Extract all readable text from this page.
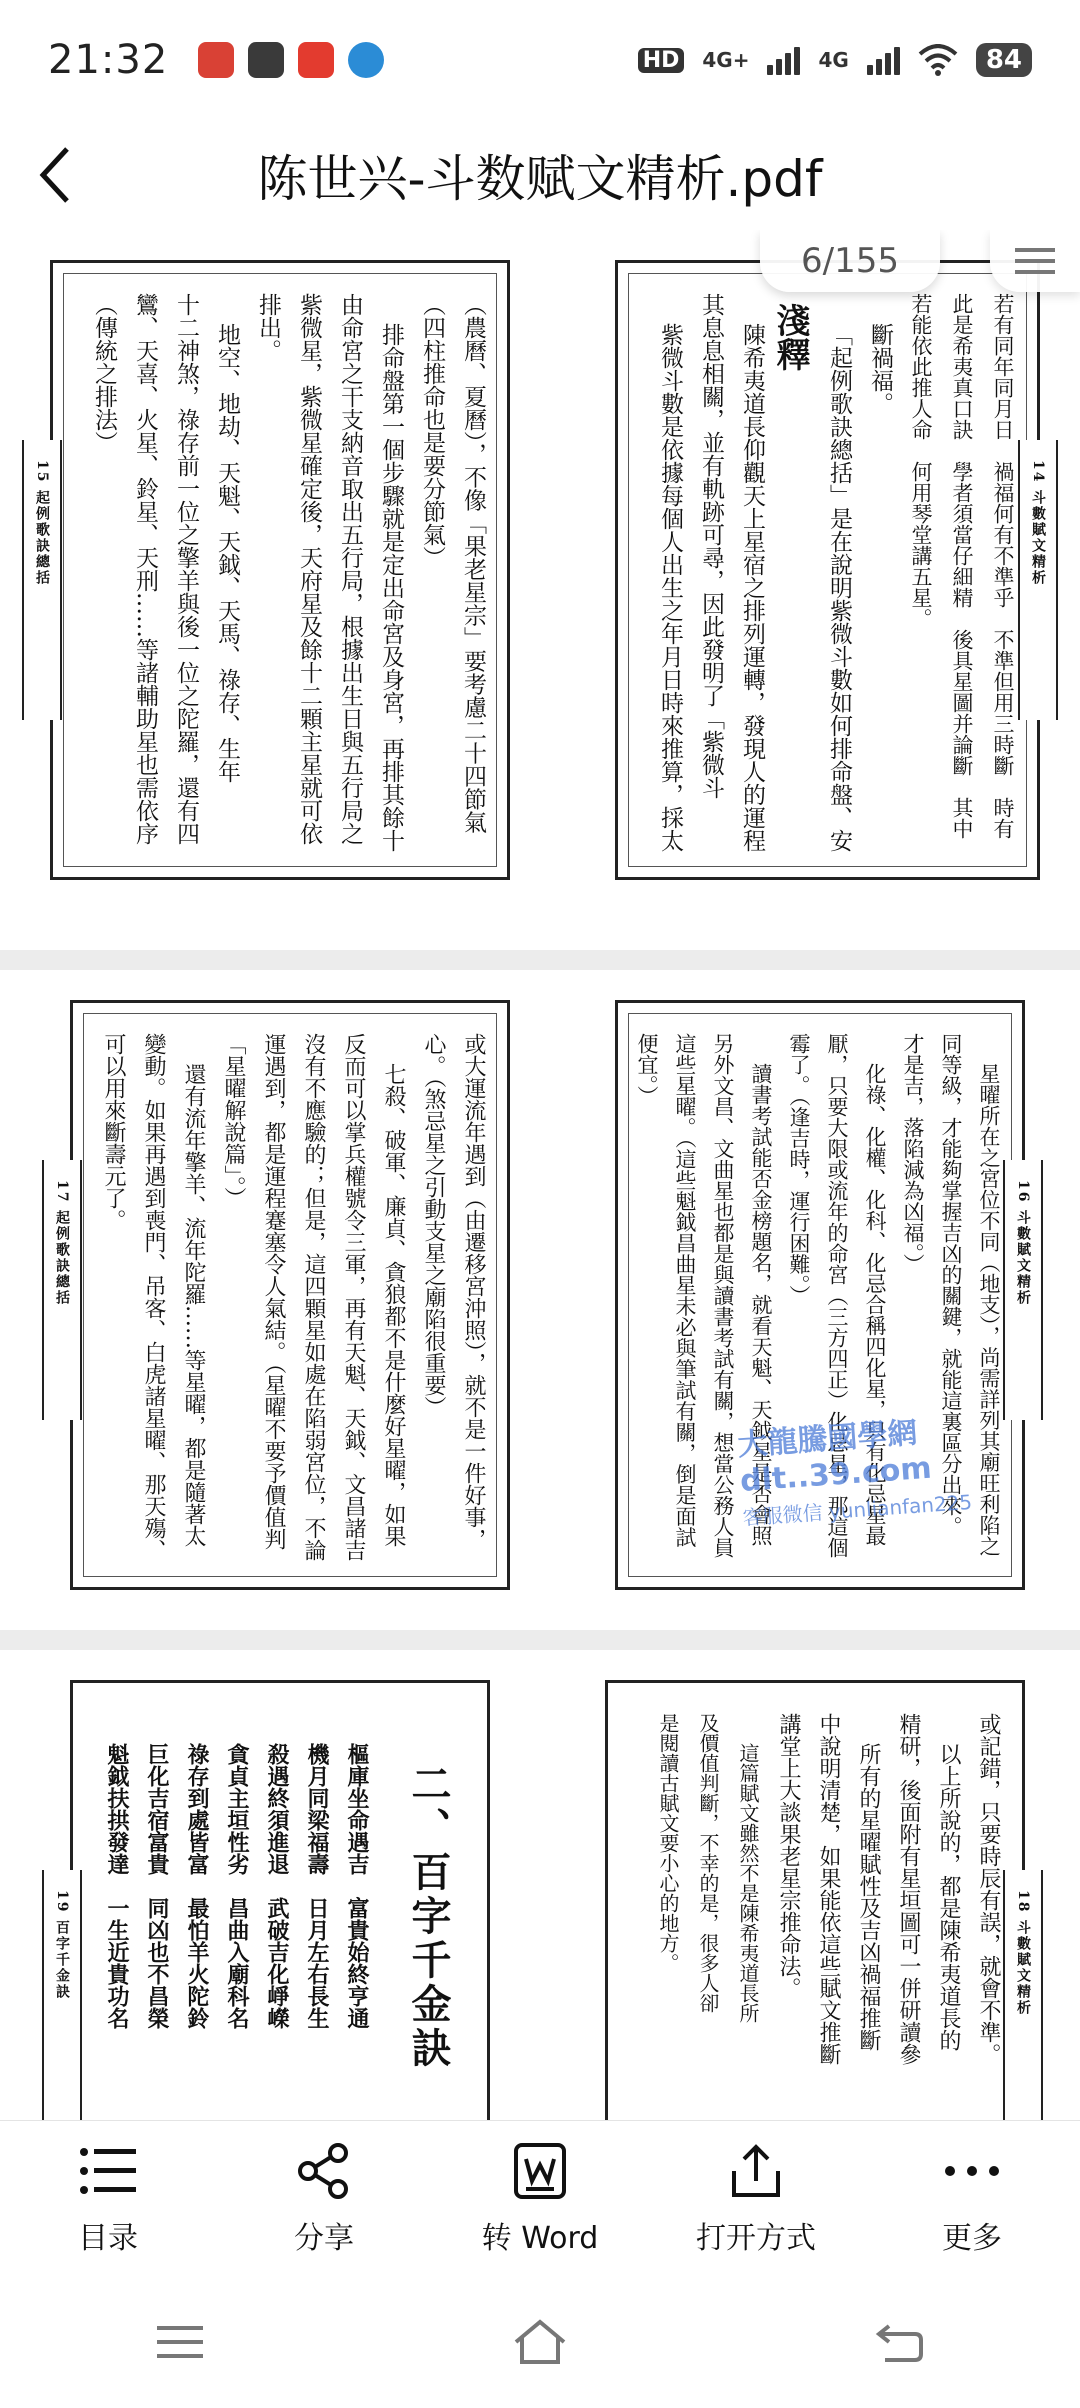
21:32	HD 4G+	4G	84
陈世兴-斗数赋文精析.pdf
（農曆、夏曆），不像「果老星宗」要考慮二十四節氣
（四柱推命也是要分節氣）
排命盤第一個步驟就是定出命宮及身宮，再排其餘十
由命宮之干支納音取出五行局，根據出生日與五行局之
紫微星，紫微星確定後，天府星及餘十二顆主星就可依
排出。
地空、地劫、天魁、天鉞、天馬、祿存、生年
十二神煞，祿存前一位之擎羊與後一位之陀羅，還有四
鸞、天喜、火星、鈴星、天刑……等諸輔助星也需依序
（傳統之排法）
15 起例歌訣總括
若有同年同月日　禍福何有不準乎　不準但用三時斷　時有
此是希夷真口訣　學者須當仔細精　後具星圖并論斷　其中
若能依此推人命　何用琴堂講五星。
斷禍福。
「起例歌訣總括」是在說明紫微斗數如何排命盤、安
淺釋
陳希夷道長仰觀天上星宿之排列運轉，發現人的運程
其息息相關，並有軌跡可尋，因此發明了「紫微斗
紫微斗數是依據每個人出生之年月日時來推算，採太
14 斗數賦文精析
6/155
或大運流年遇到（由遷移宮沖照），就不是一件好事，
心。（煞忌星之引動支星之廟陷很重要）
七殺、破軍、廉貞、貪狼都不是什麼好星曜，如果
反而可以掌兵權號令三軍，再有天魁、天鉞、文昌諸吉
沒有不應驗的；但是，這四顆星如處在陷弱宮位，不論
運遇到，都是運程蹇塞令人氣結。（星曜不要予價值判
「星曜解說篇」。）
還有流年擎羊、流年陀羅……等星曜，都是隨著太
變動。如果再遇到喪門、吊客、白虎諸星曜、那天殤、
可以用來斷壽元了。
17 起例歌訣總括
星曜所在之宮位不同（地支），尚需詳列其廟旺利陷之
同等級，才能夠掌握吉凶的關鍵，就能這裏區分出來。
才是吉，落陷減為凶福。）
化祿、化權、化科、化忌合稱四化星，只有化忌星最
厭，只要大限或流年的命宮（三方四正）化忌星，那這個
霉了。（逢吉時，運行困難。）
讀書考試能否金榜題名，就看天魁、天鉞星是否會照
另外文昌、文曲星也都是與讀書考試有關，想當公務人員
這些星曜。（這些魁鉞昌曲星未必與筆試有關，倒是面試
便宜。）
16 斗數賦文精析
二、百字千金訣
樞庫坐命遇吉　富貴始終亨通
機月同梁福壽　日月左右長生
殺遇終須進退　武破吉化崢嶸
貪貞主垣性劣　昌曲入廟科名
祿存到處皆富　最怕羊火陀鈴
巨化吉宿富貴　同凶也不昌榮
魁鉞扶拱發達　一生近貴功名
19 百字千金訣	或記錯，只要時辰有誤，就會不準。
以上所說的，都是陳希夷道長的
精研，後面附有星垣圖可一併研讀參
所有的星曜賦性及吉凶禍福推斷
中說明清楚，如果能依這些賦文推斷
講堂上大談果老星宗推命法。
這篇賦文雖然不是陳希夷道長所
及價值判斷，不幸的是，很多人卻
是閱讀古賦文要小心的地方。	18 斗數賦文精析
大龍騰國學網
dlt..39.com
客服微信 yunlianfan225
目录	分享	转 Word	打开方式	更多
